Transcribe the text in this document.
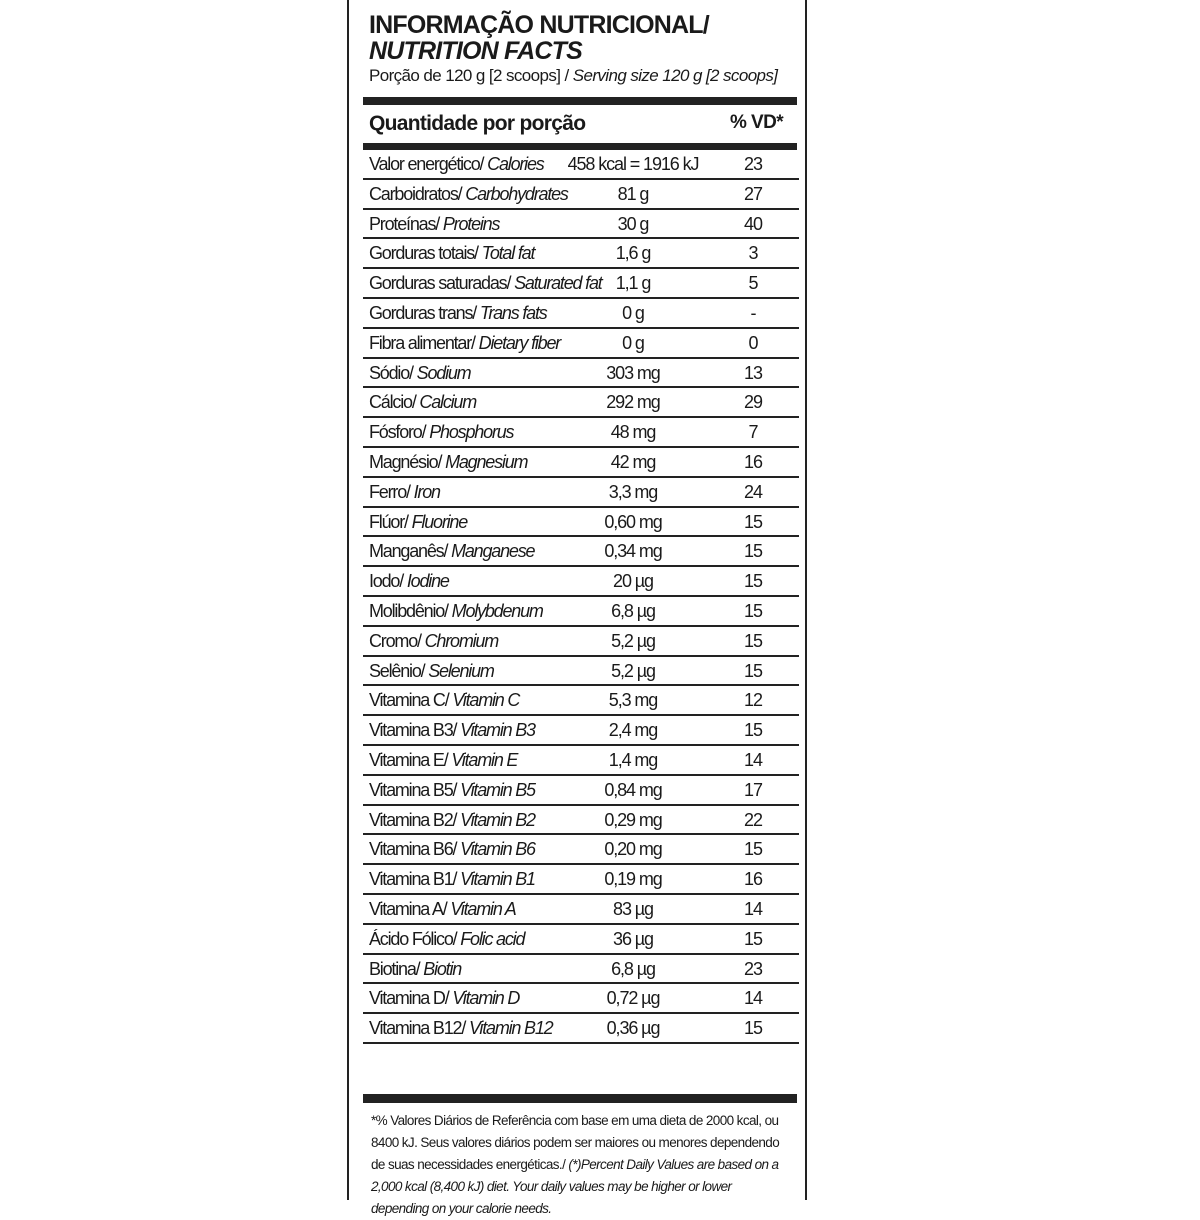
INFORMAÇÃO NUTRICIONAL/
NUTRITION FACTS
Porção de 120 g [2 scoops] / Serving size 120 g [2 scoops]
Quantidade por porção	% VD*
Valor energético/ Calories 458 kcal = 1916 kJ	23
Carboidratos/ Carbohydrates	81 g	27
Proteínas/ Proteins	30 g	40
Gorduras totais/ Total fat	1,6 g	3
Gorduras saturadas/ Saturated fat 1,1 g	5
Gorduras trans/ Trans fats	0 g	-
Fibra alimentar/ Dietary fiber	0 g	0
Sódio/ Sodium	303 mg	13
Cálcio/ Calcium	292 mg	29
Fósforo/ Phosphorus	48 mg	7
Magnésio/ Magnesium	42 mg	16
Ferro/ Iron	3,3 mg	24
Flúor/ Fluorine	0,60 mg	15
Manganês/ Manganese	0,34 mg	15
Iodo/ Iodine	20 µg	15
Molibdênio/ Molybdenum	6,8 µg	15
Cromo/ Chromium	5,2 µg	15
Selênio/ Selenium	5,2 µg	15
Vitamina C/ Vitamin C	5,3 mg	12
Vitamina B3/ Vitamin B3	2,4 mg	15
Vitamina E/ Vitamin E	1,4 mg	14
Vitamina B5/ Vitamin B5	0,84 mg	17
Vitamina B2/ Vitamin B2	0,29 mg	22
Vitamina B6/ Vitamin B6	0,20 mg	15
Vitamina B1/ Vitamin B1	0,19 mg	16
Vitamina A/ Vitamin A	83 µg	14
Ácido Fólico/ Folic acid	36 µg	15
Biotina/ Biotin	6,8 µg	23
Vitamina D/ Vitamin D	0,72 µg	14
Vitamina B12/ Vitamin B12	0,36 µg	15
*% Valores Diários de Referência com base em uma dieta de 2000 kcal, ou 8400 kJ. Seus valores diários podem ser maiores ou menores dependendo de suas necessidades energéticas./ (*)Percent Daily Values are based on a 2,000 kcal (8,400 kJ) diet. Your daily values may be higher or lower depending on your calorie needs.
